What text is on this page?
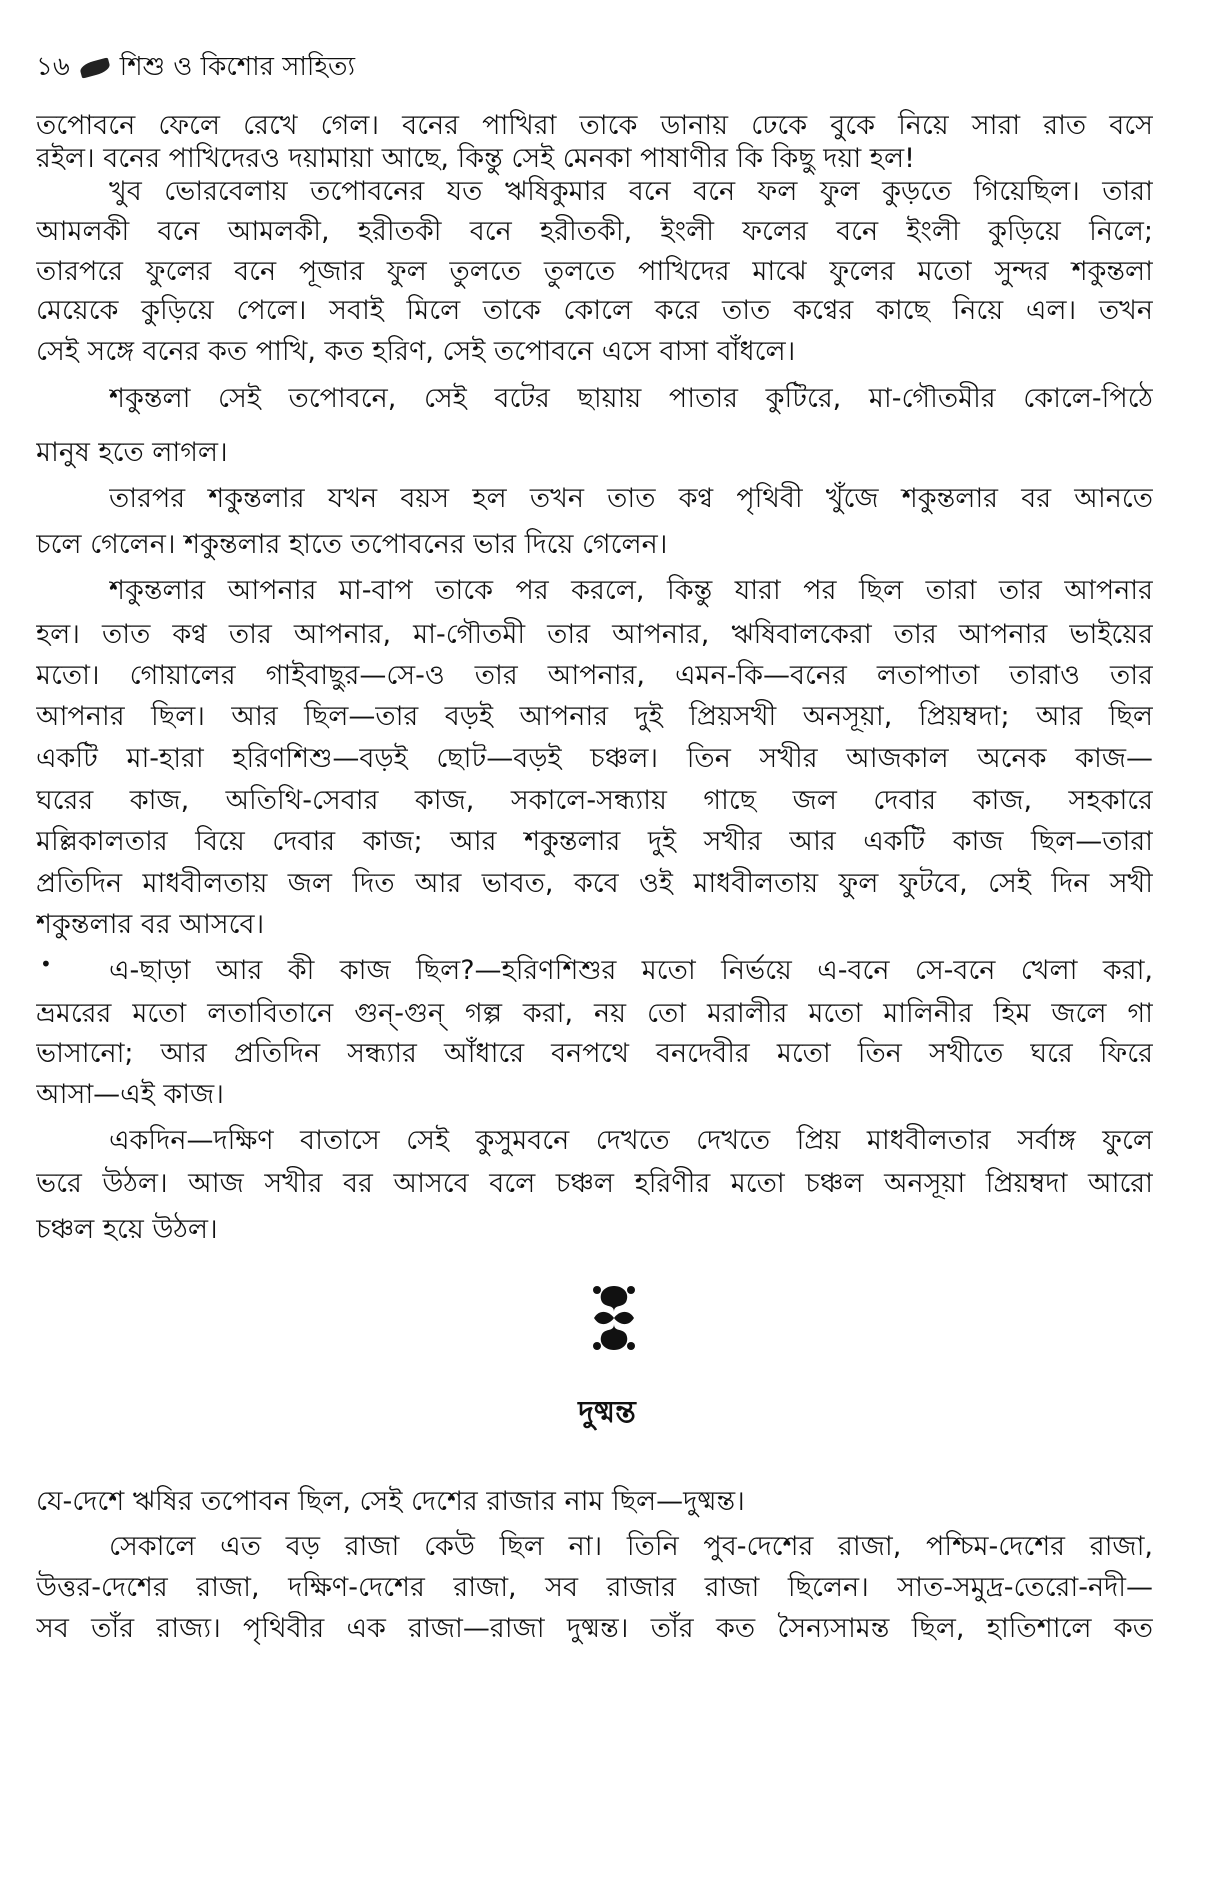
১৬ শিশু ও কিশোর সাহিত্য
তপোবনে ফেলে রেখে গেল। বনের পাখিরা তাকে ডানায় ঢেকে বুকে নিয়ে সারা রাত বসে
রইল। বনের পাখিদেরও দয়ামায়া আছে, কিন্তু সেই মেনকা পাষাণীর কি কিছু দয়া হল!
খুব ভোরবেলায় তপোবনের যত ঋষিকুমার বনে বনে ফল ফুল কুড়তে গিয়েছিল। তারা
আমলকী বনে আমলকী, হরীতকী বনে হরীতকী, ইংলী ফলের বনে ইংলী কুড়িয়ে নিলে;
তারপরে ফুলের বনে পূজার ফুল তুলতে তুলতে পাখিদের মাঝে ফুলের মতো সুন্দর শকুন্তলা
মেয়েকে কুড়িয়ে পেলে। সবাই মিলে তাকে কোলে করে তাত কণ্বের কাছে নিয়ে এল। তখন
সেই সঙ্গে বনের কত পাখি, কত হরিণ, সেই তপোবনে এসে বাসা বাঁধলে।
শকুন্তলা সেই তপোবনে, সেই বটের ছায়ায় পাতার কুটিরে, মা-গৌতমীর কোলে-পিঠে
মানুষ হতে লাগল।
তারপর শকুন্তলার যখন বয়স হল তখন তাত কণ্ব পৃথিবী খুঁজে শকুন্তলার বর আনতে
চলে গেলেন। শকুন্তলার হাতে তপোবনের ভার দিয়ে গেলেন।
শকুন্তলার আপনার মা-বাপ তাকে পর করলে, কিন্তু যারা পর ছিল তারা তার আপনার
হল। তাত কণ্ব তার আপনার, মা-গৌতমী তার আপনার, ঋষিবালকেরা তার আপনার ভাইয়ের
মতো। গোয়ালের গাইবাছুর—সে-ও তার আপনার, এমন-কি—বনের লতাপাতা তারাও তার
আপনার ছিল। আর ছিল—তার বড়ই আপনার দুই প্রিয়সখী অনসূয়া, প্রিয়ম্বদা; আর ছিল
একটি মা-হারা হরিণশিশু—বড়ই ছোট—বড়ই চঞ্চল। তিন সখীর আজকাল অনেক কাজ—
ঘরের কাজ, অতিথি-সেবার কাজ, সকালে-সন্ধ্যায় গাছে জল দেবার কাজ, সহকারে
মল্লিকালতার বিয়ে দেবার কাজ; আর শকুন্তলার দুই সখীর আর একটি কাজ ছিল—তারা
প্রতিদিন মাধবীলতায় জল দিত আর ভাবত, কবে ওই মাধবীলতায় ফুল ফুটবে, সেই দিন সখী
শকুন্তলার বর আসবে।
এ-ছাড়া আর কী কাজ ছিল?—হরিণশিশুর মতো নির্ভয়ে এ-বনে সে-বনে খেলা করা,
ভ্রমরের মতো লতাবিতানে গুন্-গুন্ গল্প করা, নয় তো মরালীর মতো মালিনীর হিম জলে গা
ভাসানো; আর প্রতিদিন সন্ধ্যার আঁধারে বনপথে বনদেবীর মতো তিন সখীতে ঘরে ফিরে
আসা—এই কাজ।
একদিন—দক্ষিণ বাতাসে সেই কুসুমবনে দেখতে দেখতে প্রিয় মাধবীলতার সর্বাঙ্গ ফুলে
ভরে উঠল। আজ সখীর বর আসবে বলে চঞ্চল হরিণীর মতো চঞ্চল অনসূয়া প্রিয়ম্বদা আরো
চঞ্চল হয়ে উঠল।
যে-দেশে ঋষির তপোবন ছিল, সেই দেশের রাজার নাম ছিল—দুষ্মন্ত।
সেকালে এত বড় রাজা কেউ ছিল না। তিনি পুব-দেশের রাজা, পশ্চিম-দেশের রাজা,
উত্তর-দেশের রাজা, দক্ষিণ-দেশের রাজা, সব রাজার রাজা ছিলেন। সাত-সমুদ্র-তেরো-নদী—
সব তাঁর রাজ্য। পৃথিবীর এক রাজা—রাজা দুষ্মন্ত। তাঁর কত সৈন্যসামন্ত ছিল, হাতিশালে কত
•
দুষ্মন্ত
